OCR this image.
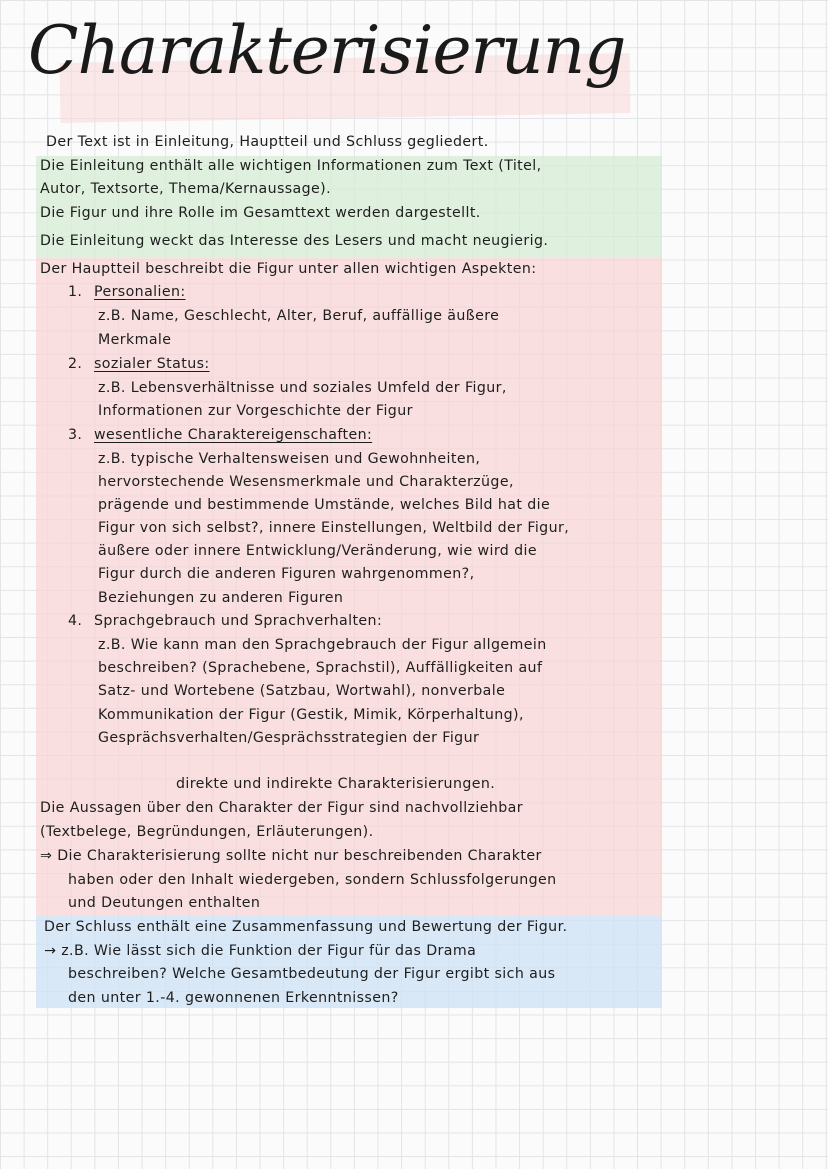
Charakterisierung
Der Text ist in Einleitung, Hauptteil und Schluss gegliedert.
Die Einleitung enthält alle wichtigen Informationen zum Text (Titel,
Autor, Textsorte, Thema/Kernaussage).
Die Figur und ihre Rolle im Gesamttext werden dargestellt.
Die Einleitung weckt das Interesse des Lesers und macht neugierig.
Der Hauptteil beschreibt die Figur unter allen wichtigen Aspekten:
1. Personalien:
z.B. Name, Geschlecht, Alter, Beruf, auffällige äußere
Merkmale
2. sozialer Status:
z.B. Lebensverhältnisse und soziales Umfeld der Figur,
Informationen zur Vorgeschichte der Figur
3. wesentliche Charaktereigenschaften:
z.B. typische Verhaltensweisen und Gewohnheiten,
hervorstechende Wesensmerkmale und Charakterzüge,
prägende und bestimmende Umstände, welches Bild hat die
Figur von sich selbst?, innere Einstellungen, Weltbild der Figur,
äußere oder innere Entwicklung/Veränderung, wie wird die
Figur durch die anderen Figuren wahrgenommen?,
Beziehungen zu anderen Figuren
4. Sprachgebrauch und Sprachverhalten:
z.B. Wie kann man den Sprachgebrauch der Figur allgemein
beschreiben? (Sprachebene, Sprachstil), Auffälligkeiten auf
Satz- und Wortebene (Satzbau, Wortwahl), nonverbale
Kommunikation der Figur (Gestik, Mimik, Körperhaltung),
Gesprächsverhalten/Gesprächsstrategien der Figur
direkte und indirekte Charakterisierungen.
Die Aussagen über den Charakter der Figur sind nachvollziehbar
(Textbelege, Begründungen, Erläuterungen).
⇒ Die Charakterisierung sollte nicht nur beschreibenden Charakter
haben oder den Inhalt wiedergeben, sondern Schlussfolgerungen
und Deutungen enthalten
Der Schluss enthält eine Zusammenfassung und Bewertung der Figur.
→ z.B. Wie lässt sich die Funktion der Figur für das Drama
beschreiben? Welche Gesamtbedeutung der Figur ergibt sich aus
den unter 1.-4. gewonnenen Erkenntnissen?
